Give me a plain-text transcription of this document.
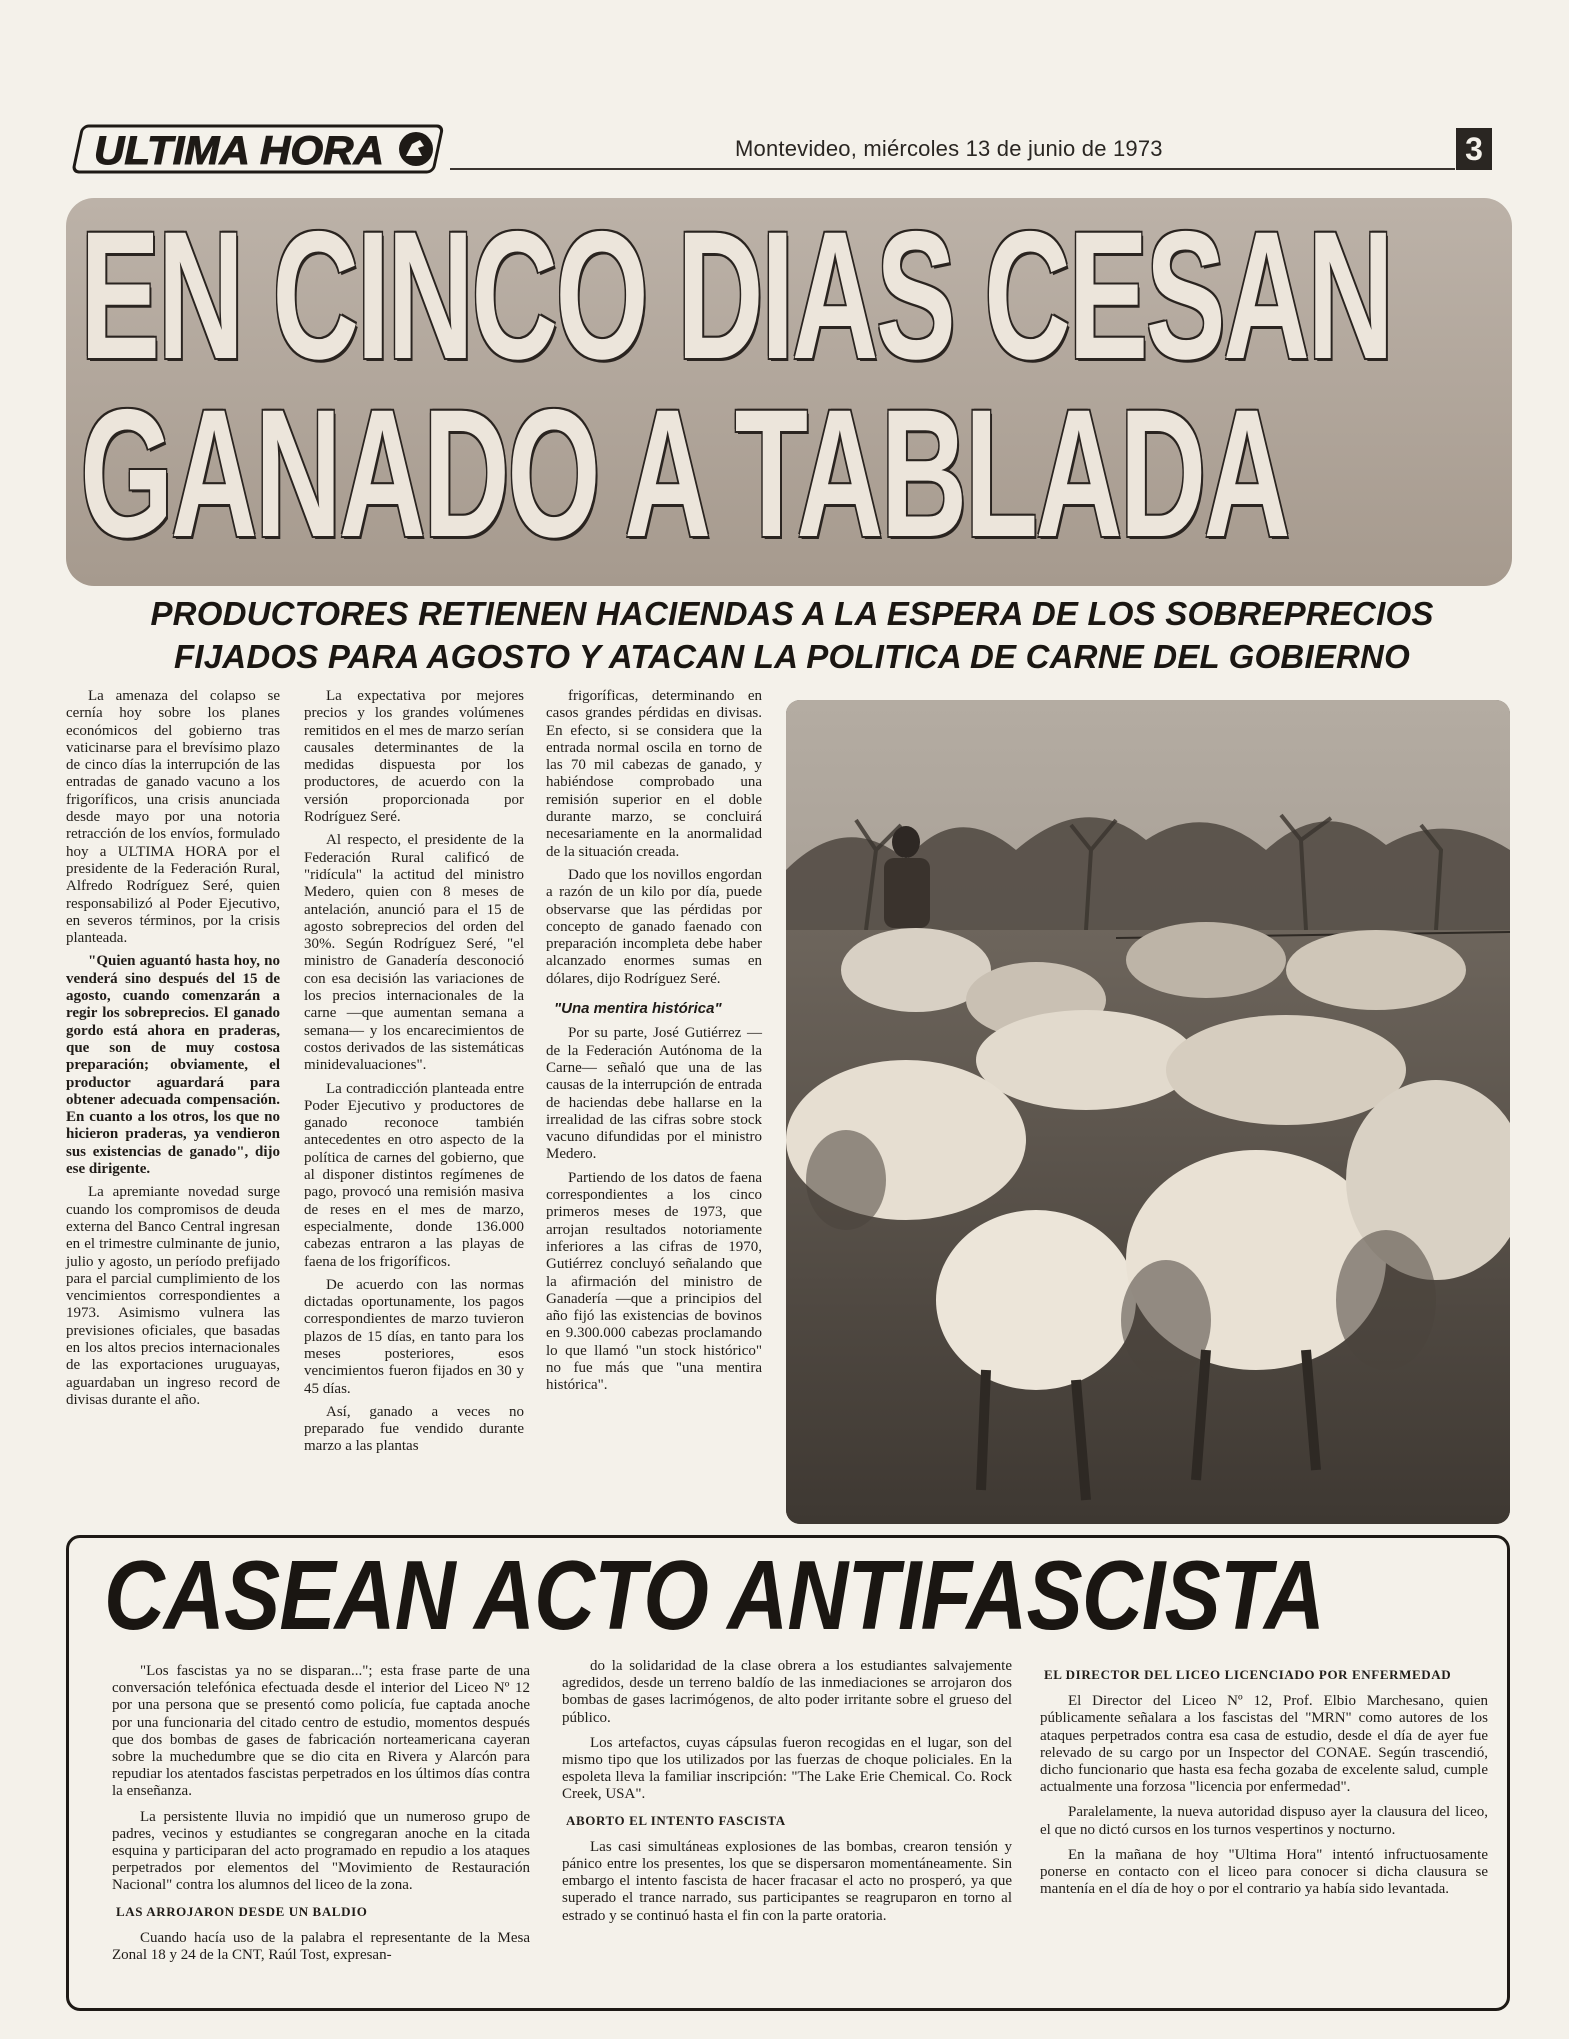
ULTIMA HORA	Montevideo, miércoles 13 de junio de 1973	3
EN CINCO DIAS CESAN
GANADO A TABLADA
PRODUCTORES RETIENEN HACIENDAS A LA ESPERA DE LOS SOBREPRECIOS
FIJADOS PARA AGOSTO Y ATACAN LA POLITICA DE CARNE DEL GOBIERNO

La amenaza del colapso se cernía hoy sobre los planes económicos del gobierno tras vaticinarse para el brevísimo plazo de cinco días la interrupción de las entradas de ganado vacuno a los frigoríficos, una crisis anunciada desde mayo por una notoria retracción de los envíos, formulado hoy a ULTIMA HORA por el presidente de la Federación Rural, Alfredo Rodríguez Seré, quien responsabilizó al Poder Ejecutivo, en severos términos, por la crisis planteada.

"Quien aguantó hasta hoy, no venderá sino después del 15 de agosto, cuando comenzarán a regir los sobreprecios. El ganado gordo está ahora en praderas, que son de muy costosa preparación; obviamente, el productor aguardará para obtener adecuada compensación. En cuanto a los otros, los que no hicieron praderas, ya vendieron sus existencias de ganado", dijo ese dirigente.

La apremiante novedad surge cuando los compromisos de deuda externa del Banco Central ingresan en el trimestre culminante de junio, julio y agosto, un período prefijado para el parcial cumplimiento de los vencimientos correspondientes a 1973. Asimismo vulnera las previsiones oficiales, que basadas en los altos precios internacionales de las exportaciones uruguayas, aguardaban un ingreso record de divisas durante el año.

La expectativa por mejores precios y los grandes volúmenes remitidos en el mes de marzo serían causales determinantes de la medidas dispuesta por los productores, de acuerdo con la versión proporcionada por Rodríguez Seré.

Al respecto, el presidente de la Federación Rural calificó de "ridícula" la actitud del ministro Medero, quien con 8 meses de antelación, anunció para el 15 de agosto sobreprecios del orden del 30%. Según Rodríguez Seré, "el ministro de Ganadería desconoció con esa decisión las variaciones de los precios internacionales de la carne —que aumentan semana a semana— y los encarecimientos de costos derivados de las sistemáticas minidevaluaciones".

La contradicción planteada entre Poder Ejecutivo y productores de ganado reconoce también antecedentes en otro aspecto de la política de carnes del gobierno, que al disponer distintos regímenes de pago, provocó una remisión masiva de reses en el mes de marzo, especialmente, donde 136.000 cabezas entraron a las playas de faena de los frigoríficos.

De acuerdo con las normas dictadas oportunamente, los pagos correspondientes de marzo tuvieron plazos de 15 días, en tanto para los meses posteriores, esos vencimientos fueron fijados en 30 y 45 días.

Así, ganado a veces no preparado fue vendido durante marzo a las plantas

frigoríficas, determinando en casos grandes pérdidas en divisas. En efecto, si se considera que la entrada normal oscila en torno de las 70 mil cabezas de ganado, y habiéndose comprobado una remisión superior en el doble durante marzo, se concluirá necesariamente en la anormalidad de la situación creada.

Dado que los novillos engordan a razón de un kilo por día, puede observarse que las pérdidas por concepto de ganado faenado con preparación incompleta debe haber alcanzado enormes sumas en dólares, dijo Rodríguez Seré.

"Una mentira histórica"

Por su parte, José Gutiérrez —de la Federación Autónoma de la Carne— señaló que una de las causas de la interrupción de entrada de haciendas debe hallarse en la irrealidad de las cifras sobre stock vacuno difundidas por el ministro Medero.

Partiendo de los datos de faena correspondientes a los cinco primeros meses de 1973, que arrojan resultados notoriamente inferiores a las cifras de 1970, Gutiérrez concluyó señalando que la afirmación del ministro de Ganadería —que a principios del año fijó las existencias de bovinos en 9.300.000 cabezas proclamando lo que llamó "un stock histórico" no fue más que "una mentira histórica".

CASEAN ACTO ANTIFASCISTA

"Los fascistas ya no se disparan..."; esta frase parte de una conversación telefónica efectuada desde el interior del Liceo Nº 12 por una persona que se presentó como policía, fue captada anoche por una funcionaria del citado centro de estudio, momentos después que dos bombas de gases de fabricación norteamericana cayeran sobre la muchedumbre que se dio cita en Rivera y Alarcón para repudiar los atentados fascistas perpetrados en los últimos días contra la enseñanza.

La persistente lluvia no impidió que un numeroso grupo de padres, vecinos y estudiantes se congregaran anoche en la citada esquina y participaran del acto programado en repudio a los ataques perpetrados por elementos del "Movimiento de Restauración Nacional" contra los alumnos del liceo de la zona.

LAS ARROJARON DESDE UN BALDIO

Cuando hacía uso de la palabra el representante de la Mesa Zonal 18 y 24 de la CNT, Raúl Tost, expresan-

do la solidaridad de la clase obrera a los estudiantes salvajemente agredidos, desde un terreno baldío de las inmediaciones se arrojaron dos bombas de gases lacrimógenos, de alto poder irritante sobre el grueso del público.

Los artefactos, cuyas cápsulas fueron recogidas en el lugar, son del mismo tipo que los utilizados por las fuerzas de choque policiales. En la espoleta lleva la familiar inscripción: "The Lake Erie Chemical. Co. Rock Creek, USA".

ABORTO EL INTENTO FASCISTA

Las casi simultáneas explosiones de las bombas, crearon tensión y pánico entre los presentes, los que se dispersaron momentáneamente. Sin embargo el intento fascista de hacer fracasar el acto no prosperó, ya que superado el trance narrado, sus participantes se reagruparon en torno al estrado y se continuó hasta el fin con la parte oratoria.

EL DIRECTOR DEL LICEO LICENCIADO POR ENFERMEDAD

El Director del Liceo Nº 12, Prof. Elbio Marchesano, quien públicamente señalara a los fascistas del "MRN" como autores de los ataques perpetrados contra esa casa de estudio, desde el día de ayer fue relevado de su cargo por un Inspector del CONAE. Según trascendió, dicho funcionario que hasta esa fecha gozaba de excelente salud, cumple actualmente una forzosa "licencia por enfermedad".

Paralelamente, la nueva autoridad dispuso ayer la clausura del liceo, el que no dictó cursos en los turnos vespertinos y nocturno.

En la mañana de hoy "Ultima Hora" intentó infructuosamente ponerse en contacto con el liceo para conocer si dicha clausura se mantenía en el día de hoy o por el contrario ya había sido levantada.
